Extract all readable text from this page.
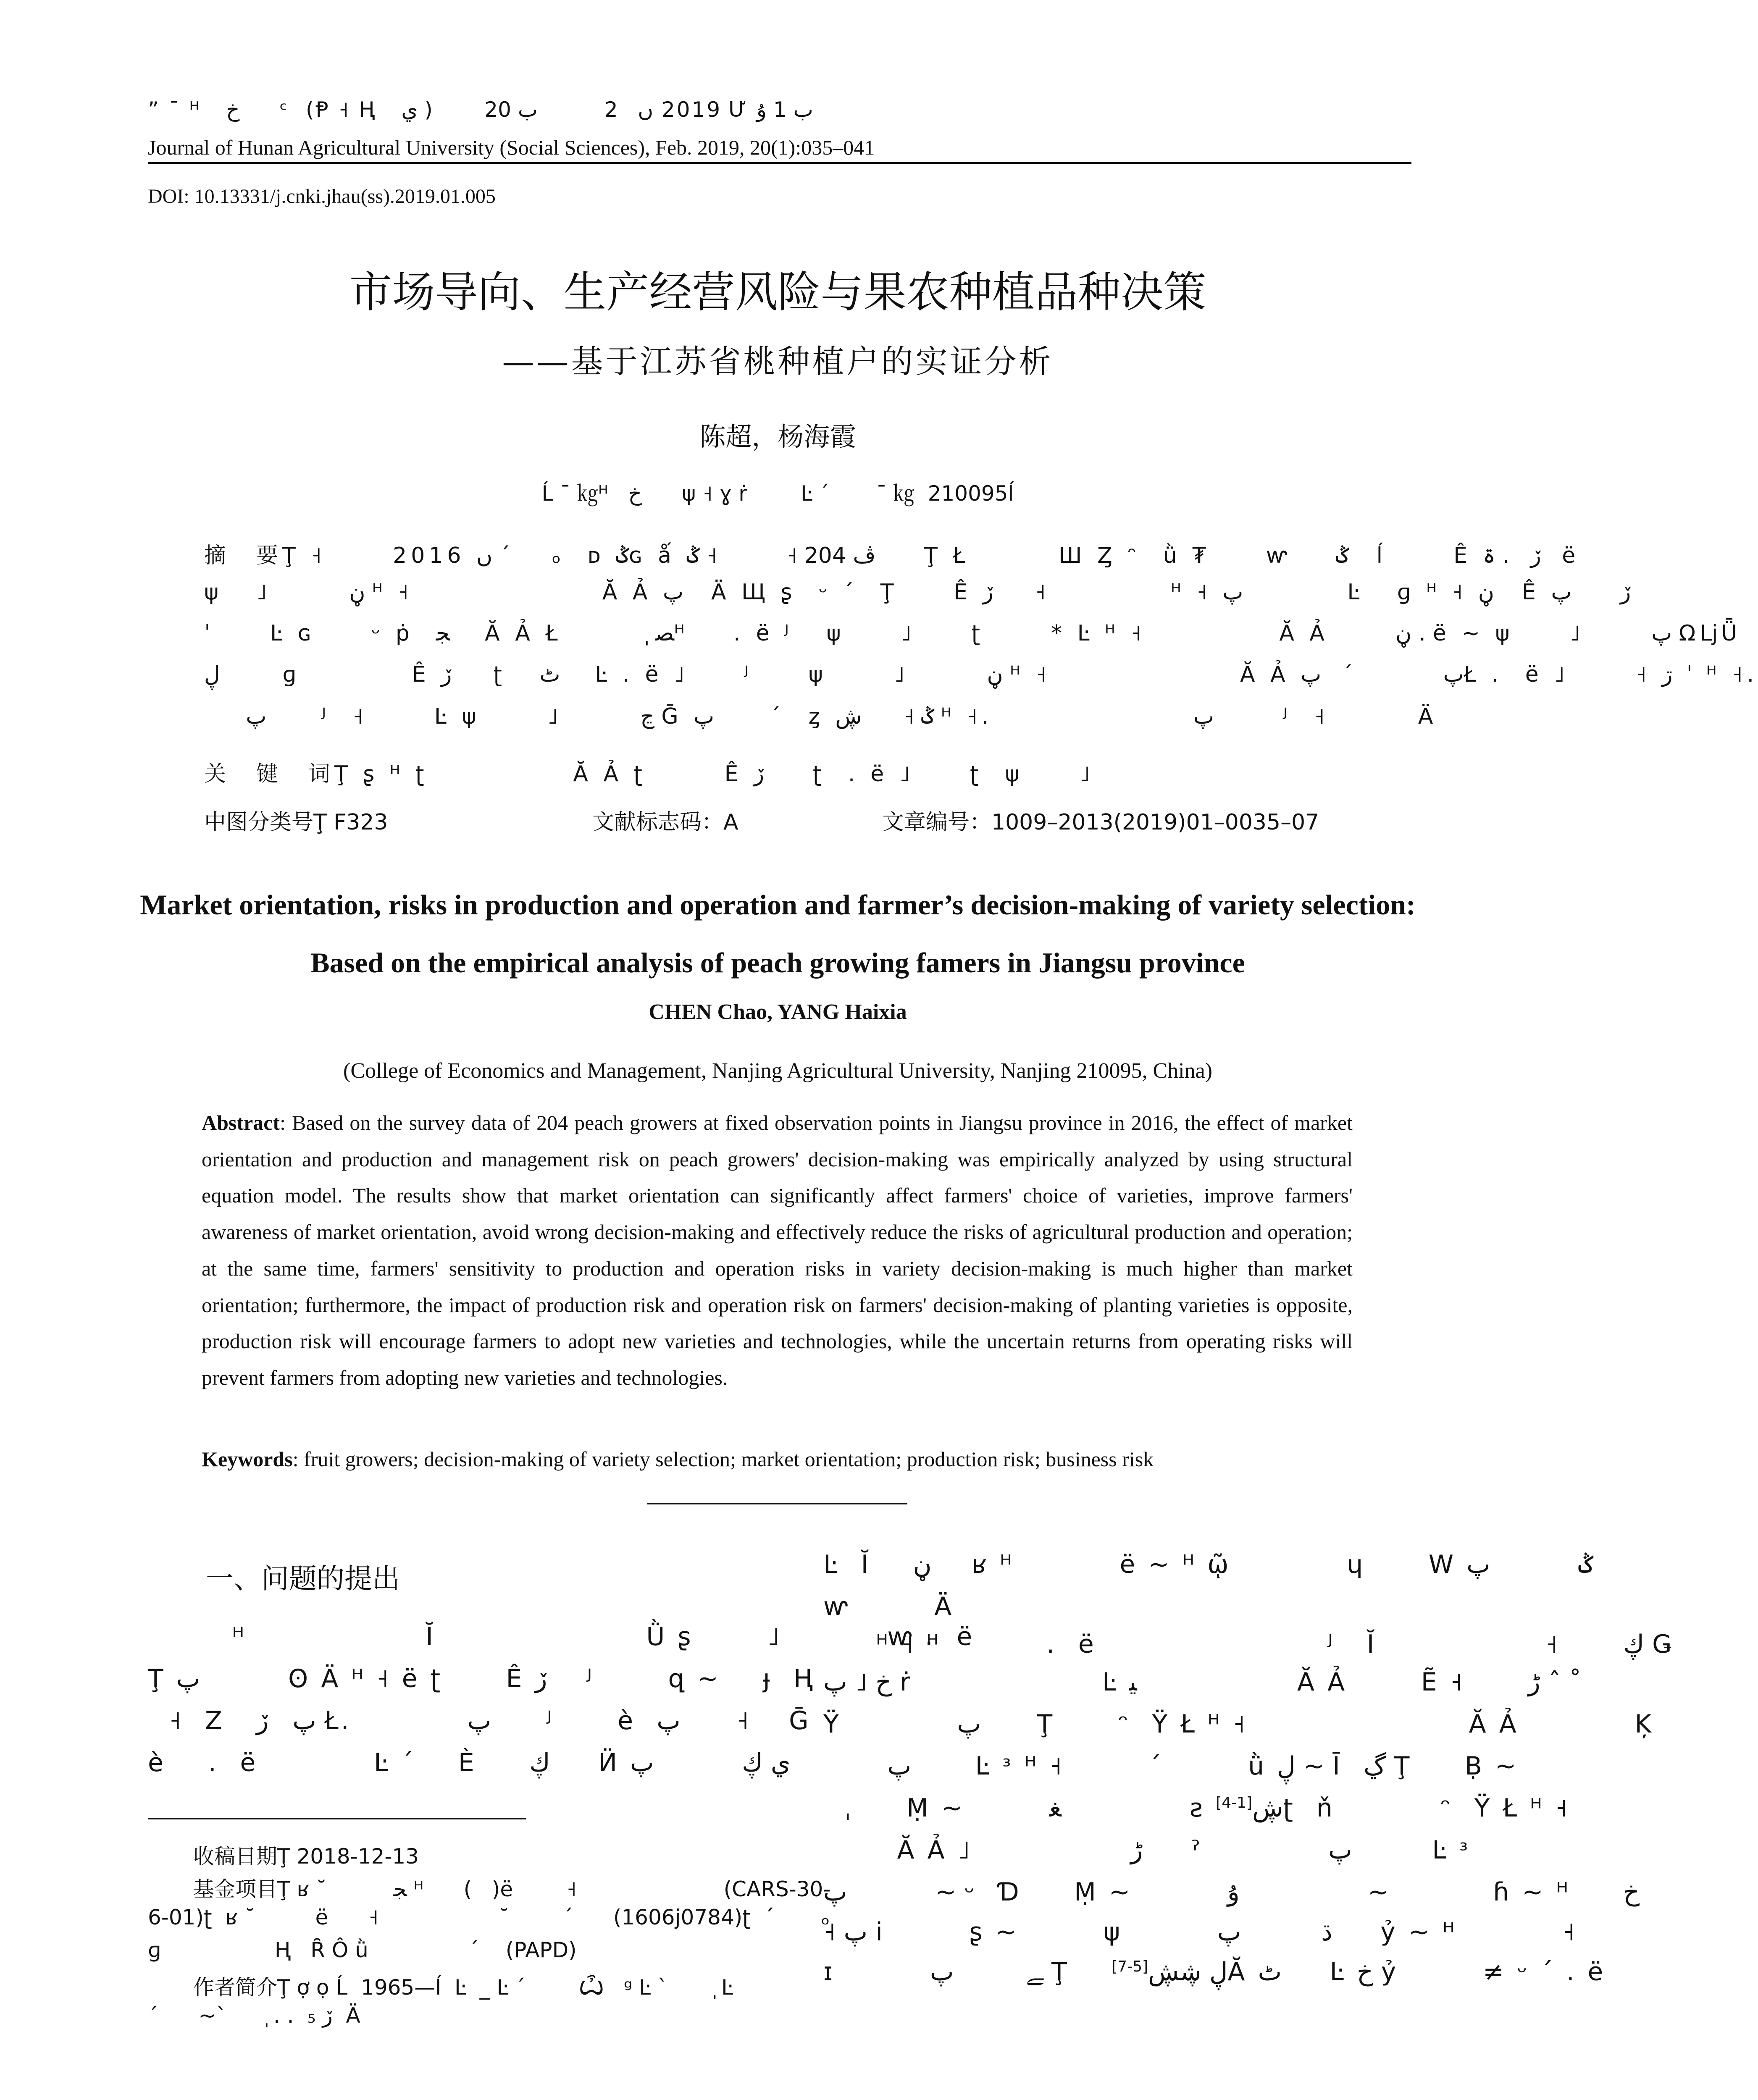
” ¯ ᴴ   ﺥ      ᶜ  (Ᵽ ˧ Ⱨ   ي )      2019 ں   2          ب 20 Ư ب 1 ۇ
Journal of Hunan Agricultural University (Social Sciences), Feb. 2019, 20(1):035–041
DOI: 10.13331/j.cnki.jhau(ss).2019.01.005
市场导向、生产经营风险与果农种植品种决策
——基于江苏省桃种植户的实证分析
陈超，杨海霞
Ĺ ¯ ㎏ᴴ   ﺥ      ψ ˧ ɣ ṙ        Ŀ ˊ       ¯ ㎏  210095ĺ
摘　要Ţ ˧      2016 ں ˊ      ₒ  ᴅ ݣɢ ǻ ڤ 204 ˧          ˧ ݣ       Ţ Ł        Ш Ȥ ᵔ  ǜ ₮     ⱳ    ݣ    ĺ      Ê ڒ   ․ ۃ   ë
ψ   ˩       ڼ ᴴ ˧                 Ă Ả پ    Ä Щ ʂ  ᵕ ˊ  Ţ     Ê ڒ      ˧                  ᴴ ˧ پ               Ŀ   ɡ ᴴ ˧ ڼ    Ê ڒ       پ
ˈ     Ŀ ɢ     ᵕ ṗ  ﺠ     Ă Ả Ł       ֽ ﺼᴴ    ․ ë ᴶ   ψ     ˩     ʈ      * Ŀ ᴴ ˧            Ă Ả      ڼ ․ ë ~ ψ     ˩      پ ΩǈǕ
ڸ         ɡ          Ê ڒ      ʈ   ٹ     Ŀ ․ ë ˩     ᴶ     ψ      ˩       ڼ ᴴ ˧                 Ă Ả پ             ˊ   پŁ ․  ë ˩      ˧ ڗ  ˈ  ᴴ ˧.
پ        ᴶ  ˧      Ŀ ψ      ˩       ڃ Ḡ پ        ˊ    ȥ ݣ ˧      ڜ ᴴ ˧.                  پ          ᴶ  ˧        Ä
关　键　词Ţ ʂ ᴴ ʈ             Ă Ả ʈ       Ê ڒ       ʈ  ․ ë ˩     ʈ  ψ     ˩
中图分类号Ţ F323	文献标志码：A	文章编号：1009–2013(2019)01–0035–07
Market orientation, risks in production and operation and farmer’s decision-making of variety selection: Based on the empirical analysis of peach growing famers in Jiangsu province
CHEN Chao, YANG Haixia
(College of Economics and Management, Nanjing Agricultural University, Nanjing 210095, China)
Abstract: Based on the survey data of 204 peach growers at fixed observation points in Jiangsu province in 2016, the effect of market orientation and production and management risk on peach growers' decision-making was empirically analyzed by using structural equation model. The results show that market orientation can significantly affect farmers' choice of varieties, improve farmers' awareness of market orientation, avoid wrong decision-making and effectively reduce the risks of agricultural production and operation; at the same time, farmers' sensitivity to production and operation risks in variety decision-making is much higher than market orientation; furthermore, the impact of production risk and operation risk on farmers' decision-making of planting varieties is opposite, production risk will encourage farmers to adopt new varieties and technologies, while the uncertain returns from operating risks will prevent farmers from adopting new varieties and technologies.
Keywords: fruit growers; decision-making of variety selection; market orientation; production risk; business risk
一、问题的提出
ᴴ                 Ĭ                    Ǜ ʂ       ˩          ⱳ ․  ë
Ţ پ           ʘ Ä ᴴ ˧ ë ʈ      Ê ڒ     ᴶ       զ ~    ɟ  Ⱨ
˧  Ζ   پ   ڒ Ł.           پ       ᴶ      è  پ       ˧     Ḡ
è    ․  ë           Ŀ ˊ    È     ڮ      Ӥ ي ڮ           پ
Ŀ  Ĭ    ڼ     ʁ ᴴ          ë ~ ᴴ ῷ           ɥ      W ݣ           پ
ⱳ        Ä
ᴴ ˧ ᴴ          ․  ë                      ᴶ   Ĭ                ˧      ڮ Ǥ
ﺥ ˩ پ ṙ                  Ŀ ﯿ                    Ă Ả       Ẽ ˧      ڑ ˆ ˚
Ÿ           پ       Ţ      ᵔ  Ÿ Ł ᴴ ˧                     Ă Ả           Ķ
پ        Ŀ ᶟ ᴴ ˧        ˊ        ǜ ڸ ~ Ī  ڲ Ţ     Ḅ ~
ˌ     Ṃ ~        ﻐ                ƨ ڜ[1-4] ʈ  ň          ᵔ  Ÿ Ł ᴴ ˧
Ă Ả ˩               ڑ      ˀ                پ          Ŀ ᶟ
پ           ~ ᵕ  Ɗ     Ṃ ~         ۇ                ~             ɦ ~ ᴴ     ﺥ
˧ پ i        ʂ ~        ψ         ڌ          پ      ỷ ~ ᴴ          ˧
ɪ         ﮯ         پ Ţ    ڸ ڜڜ[5-7]	Ă ٹ      Ŀ ﺥ ỷ        ≠ ᵕ ˊ ․ ë
收稿日期Ţ 2018-12-13
基金项目Ţ ʁ ˘          ﺠ ᴴ      (   )ë        ˧                      (CARS-30-
6-01)ʈ  ʁ ˘         ë      ˧                  ˘        ˊ      (1606j0784)ʈ  ˊ       ₒ
ɡ                 Ⱨ   Ȓ Ô ǜ               ˊ    (PAPD)
作者简介Ţ ợ ọ Ĺ  1965—ĺ  Ŀ  _ Ŀ ˊ        Ѽ   ᵍ Ŀ ˋ      ֽ  Ŀ
ˊ      ~ˋ      ֽ ․ ․  ڒ ₅  Ä
